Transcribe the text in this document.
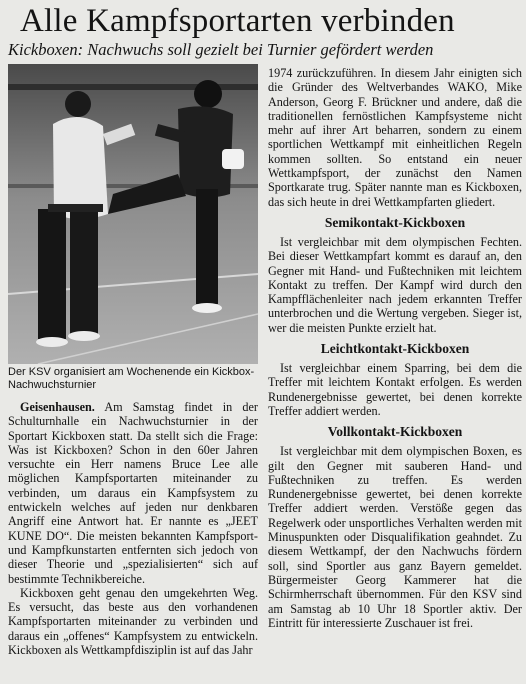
Alle Kampfsportarten verbinden
Kickboxen: Nachwuchs soll gezielt bei Turnier gefördert werden
Der KSV organisiert am Wochenende ein Kickbox-Nachwuchsturnier

Geisenhausen. Am Samstag findet in der Schulturnhalle ein Nachwuchsturnier in der Sportart Kickboxen statt. Da stellt sich die Frage: Was ist Kickboxen? Schon in den 60er Jahren versuchte ein Herr namens Bruce Lee alle möglichen Kampfsportarten miteinander zu verbinden, um daraus ein Kampfsystem zu entwickeln welches auf jeden nur denkbaren Angriff eine Antwort hat. Er nannte es „JEET KUNE DO“. Die meisten bekannten Kampfsport- und Kampfkunstarten entfernten sich jedoch von dieser Theorie und „spezialisierten“ sich auf bestimmte Technikbereiche.

Kickboxen geht genau den umgekehrten Weg. Es versucht, das beste aus den vorhandenen Kampfsportarten miteinander zu verbinden und daraus ein „offenes“ Kampfsystem zu entwickeln. Kickboxen als Wettkampfdisziplin ist auf das Jahr

1974 zurückzuführen. In diesem Jahr einigten sich die Gründer des Weltverbandes WAKO, Mike Anderson, Georg F. Brückner und andere, daß die traditionellen fernöstlichen Kampfsysteme nicht mehr auf ihrer Art beharren, sondern zu einem sportlichen Wettkampf mit einheitlichen Regeln kommen sollten. So entstand ein neuer Wettkampfsport, der zunächst den Namen Sportkarate trug. Später nannte man es Kickboxen, das sich heute in drei Wettkampfarten gliedert.

Semikontakt-Kickboxen

Ist vergleichbar mit dem olympischen Fechten. Bei dieser Wettkampfart kommt es darauf an, den Gegner mit Hand- und Fußtechniken mit leichtem Kontakt zu treffen. Der Kampf wird durch den Kampfflächenleiter nach jedem erkannten Treffer unterbrochen und die Wertung vergeben. Sieger ist, wer die meisten Punkte erzielt hat.

Leichtkontakt-Kickboxen

Ist vergleichbar einem Sparring, bei dem die Treffer mit leichtem Kontakt erfolgen. Es werden Rundenergebnisse gewertet, bei denen korrekte Treffer addiert werden.

Vollkontakt-Kickboxen

Ist vergleichbar mit dem olympischen Boxen, es gilt den Gegner mit sauberen Hand- und Fußtechniken zu treffen. Es werden Rundenergebnisse gewertet, bei denen korrekte Treffer addiert werden. Verstöße gegen das Regelwerk oder unsportliches Verhalten werden mit Minuspunkten oder Disqualifikation geahndet. Zu diesem Wettkampf, der den Nachwuchs fördern soll, sind Sportler aus ganz Bayern gemeldet. Bürgermeister Georg Kammerer hat die Schirmherrschaft übernommen. Für den KSV sind am Samstag ab 10 Uhr 18 Sportler aktiv. Der Eintritt für interessierte Zuschauer ist frei.
